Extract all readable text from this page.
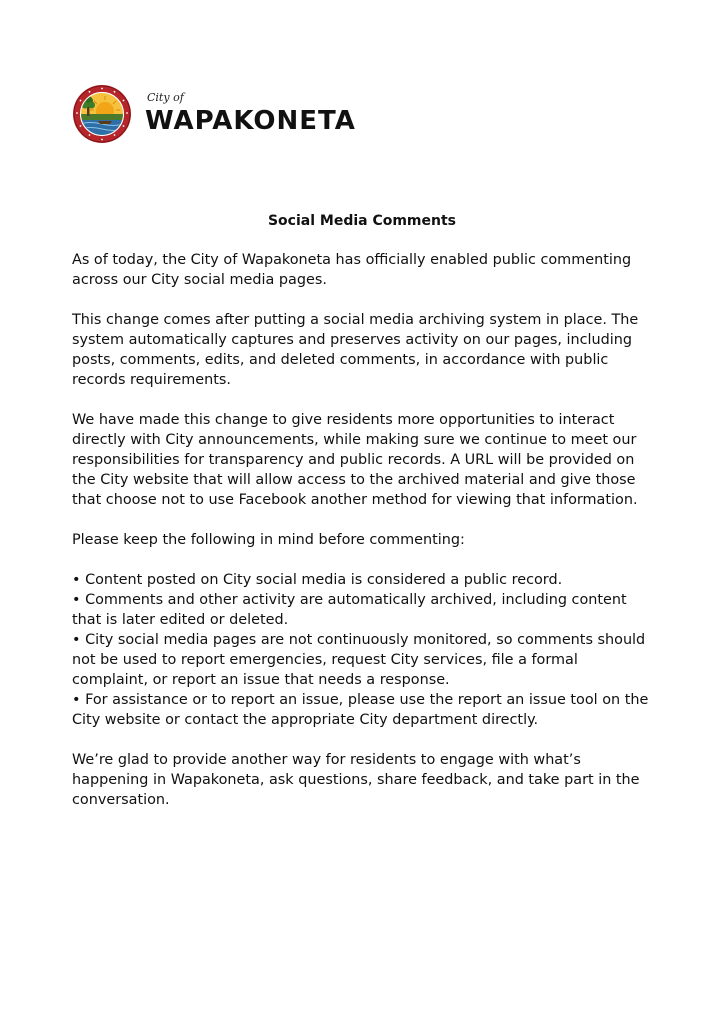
City of
WAPAKONETA
Social Media Comments

As of today, the City of Wapakoneta has officially enabled public commenting across our City social media pages.

This change comes after putting a social media archiving system in place. The system automatically captures and preserves activity on our pages, including posts, comments, edits, and deleted comments, in accordance with public records requirements.

We have made this change to give residents more opportunities to interact directly with City announcements, while making sure we continue to meet our responsibilities for transparency and public records. A URL will be provided on the City website that will allow access to the archived material and give those that choose not to use Facebook another method for viewing that information.

Please keep the following in mind before commenting:

• Content posted on City social media is considered a public record.

• Comments and other activity are automatically archived, including content that is later edited or deleted.

• City social media pages are not continuously monitored, so comments should not be used to report emergencies, request City services, file a formal complaint, or report an issue that needs a response.

• For assistance or to report an issue, please use the report an issue tool on the City website or contact the appropriate City department directly.

We’re glad to provide another way for residents to engage with what’s happening in Wapakoneta, ask questions, share feedback, and take part in the conversation.
